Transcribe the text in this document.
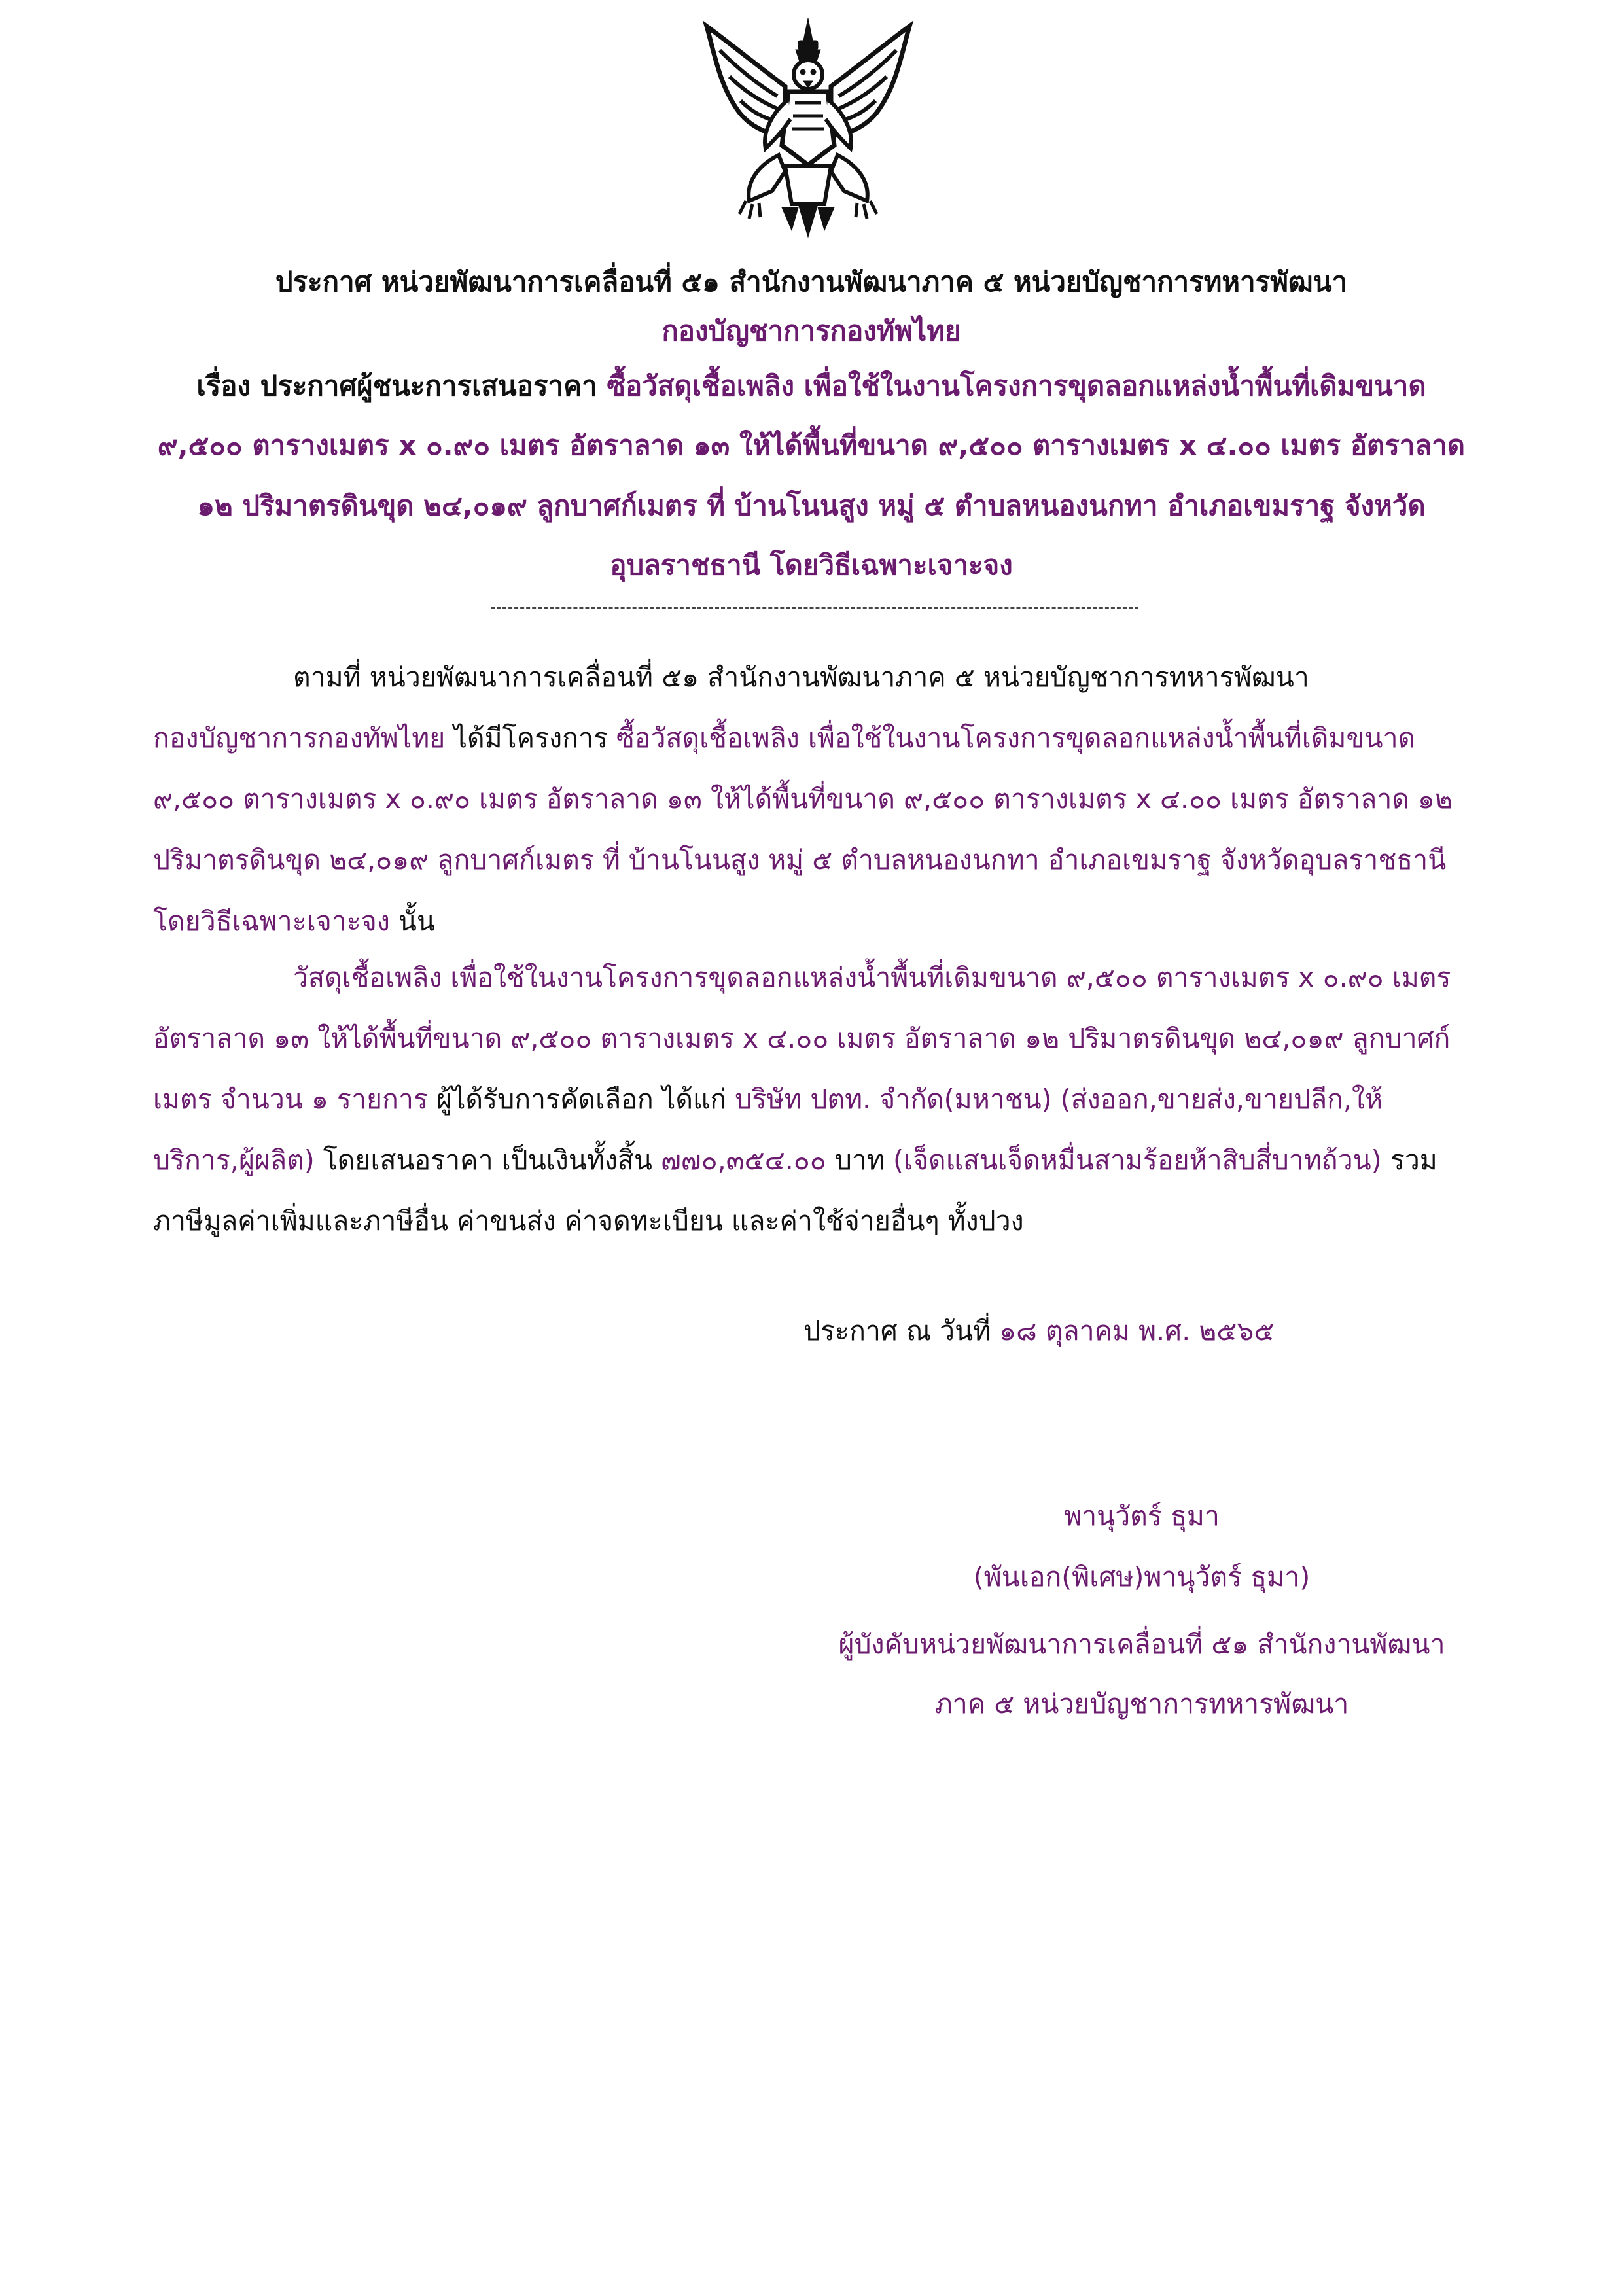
ประกาศ หน่วยพัฒนาการเคลื่อนที่ ๕๑ สำนักงานพัฒนาภาค ๕ หน่วยบัญชาการทหารพัฒนา
กองบัญชาการกองทัพไทย
เรื่อง ประกาศผู้ชนะการเสนอราคา ซื้อวัสดุเชื้อเพลิง เพื่อใช้ในงานโครงการขุดลอกแหล่งน้ำพื้นที่เดิมขนาด
๙,๕๐๐ ตารางเมตร x ๐.๙๐ เมตร อัตราลาด ๑๓ ให้ได้พื้นที่ขนาด ๙,๕๐๐ ตารางเมตร x ๔.๐๐ เมตร อัตราลาด
๑๒ ปริมาตรดินขุด ๒๔,๐๑๙ ลูกบาศก์เมตร ที่ บ้านโนนสูง หมู่ ๕ ตำบลหนองนกทา อำเภอเขมราฐ จังหวัด
อุบลราชธานี โดยวิธีเฉพาะเจาะจง
ตามที่ หน่วยพัฒนาการเคลื่อนที่ ๕๑ สำนักงานพัฒนาภาค ๕ หน่วยบัญชาการทหารพัฒนา
กองบัญชาการกองทัพไทย ได้มีโครงการ ซื้อวัสดุเชื้อเพลิง เพื่อใช้ในงานโครงการขุดลอกแหล่งน้ำพื้นที่เดิมขนาด
๙,๕๐๐ ตารางเมตร x ๐.๙๐ เมตร อัตราลาด ๑๓ ให้ได้พื้นที่ขนาด ๙,๕๐๐ ตารางเมตร x ๔.๐๐ เมตร อัตราลาด ๑๒
ปริมาตรดินขุด ๒๔,๐๑๙ ลูกบาศก์เมตร ที่ บ้านโนนสูง หมู่ ๕ ตำบลหนองนกทา อำเภอเขมราฐ จังหวัดอุบลราชธานี
โดยวิธีเฉพาะเจาะจง นั้น
วัสดุเชื้อเพลิง เพื่อใช้ในงานโครงการขุดลอกแหล่งน้ำพื้นที่เดิมขนาด ๙,๕๐๐ ตารางเมตร x ๐.๙๐ เมตร
อัตราลาด ๑๓ ให้ได้พื้นที่ขนาด ๙,๕๐๐ ตารางเมตร x ๔.๐๐ เมตร อัตราลาด ๑๒ ปริมาตรดินขุด ๒๔,๐๑๙ ลูกบาศก์
เมตร จำนวน ๑ รายการ ผู้ได้รับการคัดเลือก ได้แก่ บริษัท ปตท. จำกัด(มหาชน) (ส่งออก,ขายส่ง,ขายปลีก,ให้
บริการ,ผู้ผลิต) โดยเสนอราคา เป็นเงินทั้งสิ้น ๗๗๐,๓๕๔.๐๐ บาท (เจ็ดแสนเจ็ดหมื่นสามร้อยห้าสิบสี่บาทถ้วน) รวม
ภาษีมูลค่าเพิ่มและภาษีอื่น ค่าขนส่ง ค่าจดทะเบียน และค่าใช้จ่ายอื่นๆ ทั้งปวง
ประกาศ ณ วันที่ ๑๘ ตุลาคม พ.ศ. ๒๕๖๕
พานุวัตร์ ธุมา
(พันเอก(พิเศษ)พานุวัตร์ ธุมา)
ผู้บังคับหน่วยพัฒนาการเคลื่อนที่ ๕๑ สำนักงานพัฒนา
ภาค ๕ หน่วยบัญชาการทหารพัฒนา
